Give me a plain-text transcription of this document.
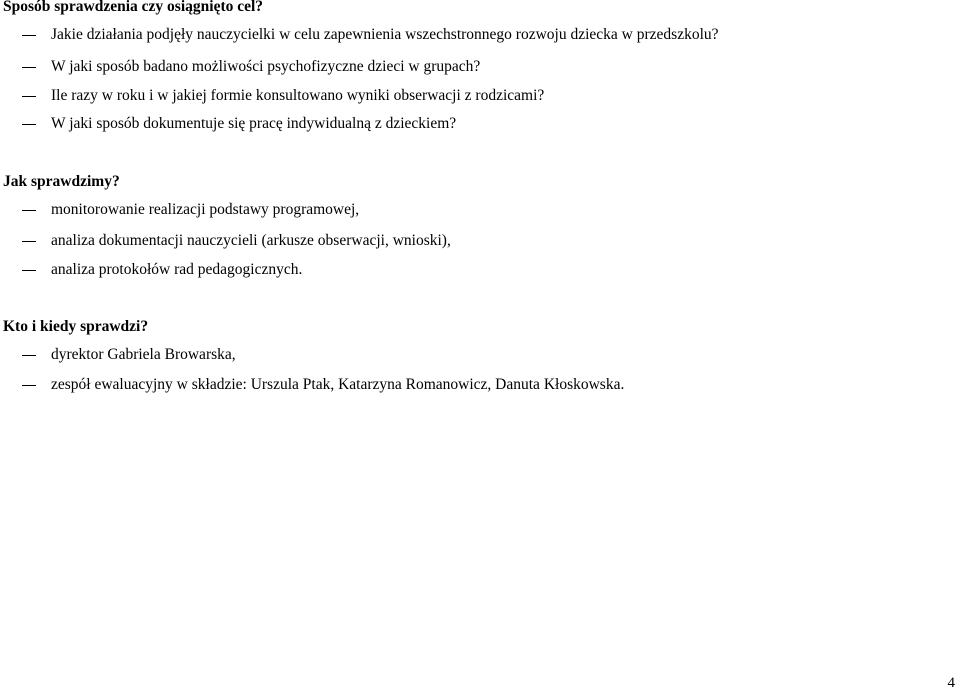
Sposób sprawdzenia czy osiągnięto cel?
Jakie działania podjęły nauczycielki w celu zapewnienia wszechstronnego rozwoju dziecka w przedszkolu?
W jaki sposób badano możliwości psychofizyczne dzieci w grupach?
Ile razy w roku i w jakiej formie konsultowano wyniki obserwacji z rodzicami?
W jaki sposób dokumentuje się pracę indywidualną z dzieckiem?
Jak sprawdzimy?
monitorowanie realizacji podstawy programowej,
analiza dokumentacji nauczycieli (arkusze obserwacji, wnioski),
analiza protokołów rad pedagogicznych.
Kto i kiedy sprawdzi?
dyrektor Gabriela Browarska,
zespół ewaluacyjny w składzie: Urszula Ptak, Katarzyna Romanowicz, Danuta Kłoskowska.
4
